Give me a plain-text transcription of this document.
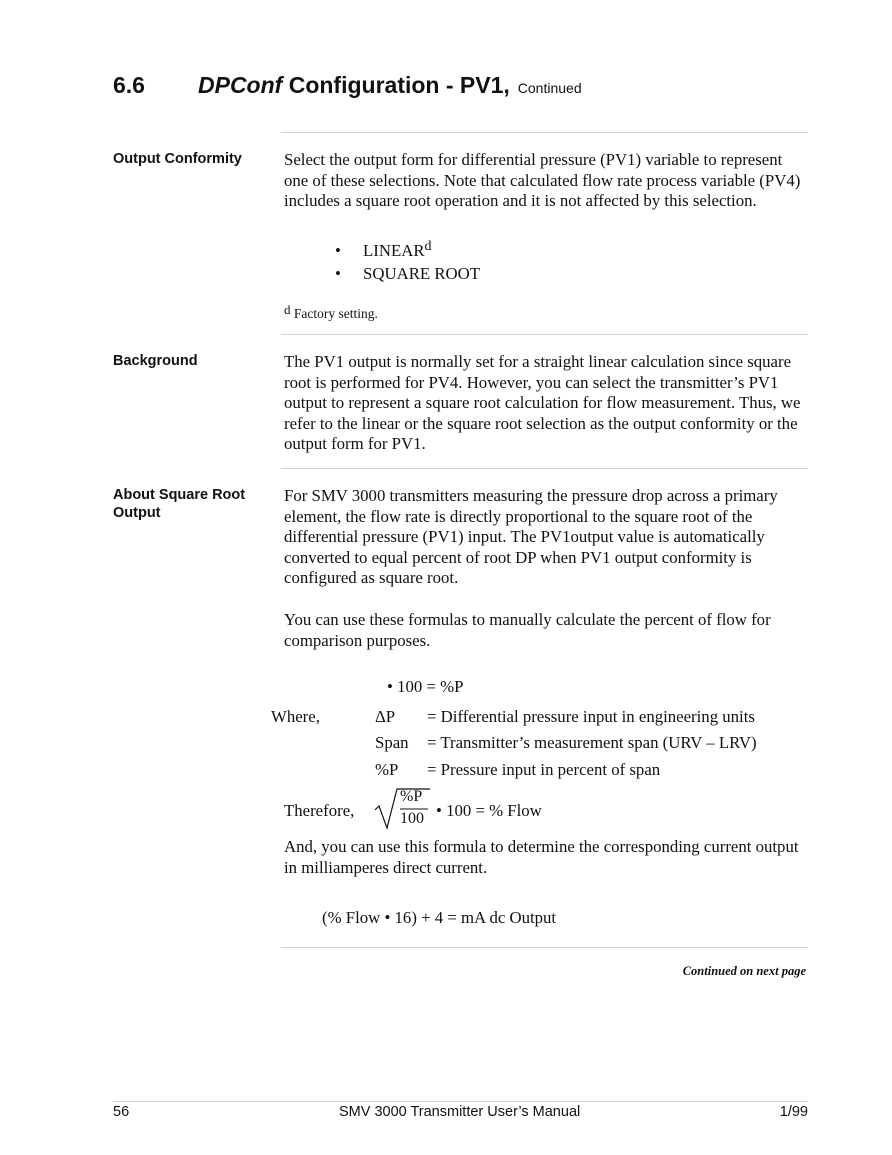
6.6 DPConf Configuration - PV1, Continued
Output Conformity	Select the output form for differential pressure (PV1) variable to represent one of these selections. Note that calculated flow rate process variable (PV4) includes a square root operation and it is not affected by this selection.
• LINEAR$^d$
• SQUARE ROOT
$^d$ Factory setting.
Background	The PV1 output is normally set for a straight linear calculation since square root is performed for PV4. However, you can select the transmitter’s PV1 output to represent a square root calculation for flow measurement. Thus, we refer to the linear or the square root selection as the output conformity or the output form for PV1.
About Square Root
Output
For SMV 3000 transmitters measuring the pressure drop across a primary element, the flow rate is directly proportional to the square root of the differential pressure (PV1) input. The PV1output value is automatically converted to equal percent of root DP when PV1 output conformity is configured as square root.
You can use these formulas to manually calculate the percent of flow for comparison purposes.
• 100 = %P
Where,	ΔP = Differential pressure input in engineering units
Span = Transmitter’s measurement span (URV – LRV)
%P = Pressure input in percent of span
Therefore,
%P
100 • 100 = % Flow
And, you can use this formula to determine the corresponding current output in milliamperes direct current.
(% Flow • 16) + 4 = mA dc Output
Continued on next page
56	SMV 3000 Transmitter User’s Manual	1/99
